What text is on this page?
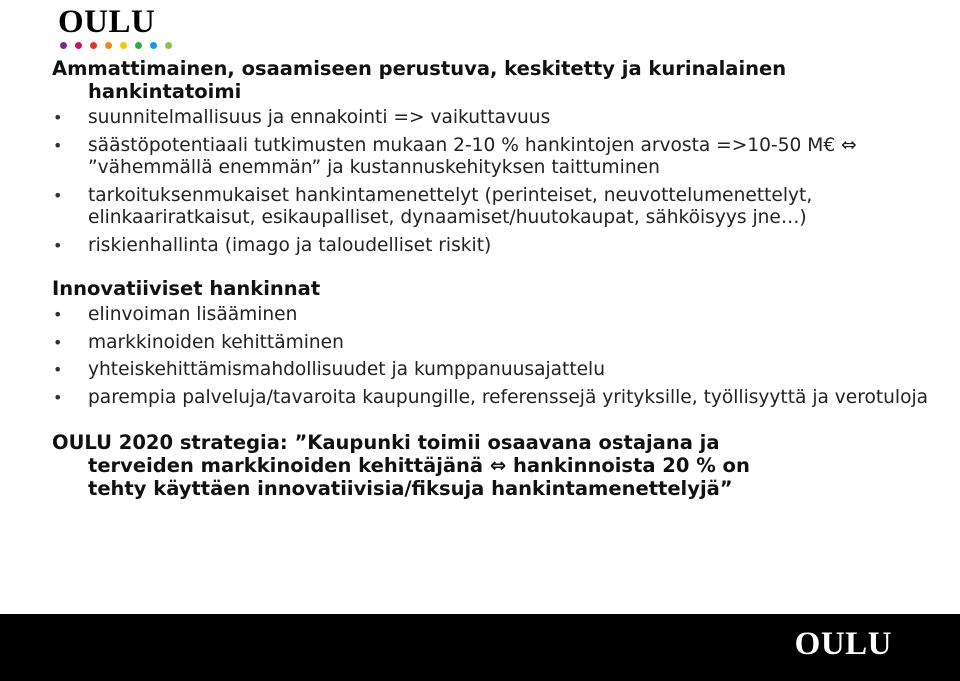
OULU
Ammattimainen, osaamiseen perustuva, keskitetty ja kurinalainen
hankintatoimi
• suunnitelmallisuus ja ennakointi => vaikuttavuus
• säästöpotentiaali tutkimusten mukaan 2-10 % hankintojen arvosta =>10-50 M€ ⇔ ”vähemmällä enemmän” ja kustannuskehityksen taittuminen
• tarkoituksenmukaiset hankintamenettelyt (perinteiset, neuvottelumenettelyt, elinkaariratkaisut, esikaupalliset, dynaamiset/huutokaupat, sähköisyys jne…)
• riskienhallinta (imago ja taloudelliset riskit)
Innovatiiviset hankinnat
• elinvoiman lisääminen
• markkinoiden kehittäminen
• yhteiskehittämismahdollisuudet ja kumppanuusajattelu
• parempia palveluja/tavaroita kaupungille, referenssejä yrityksille, työllisyyttä ja verotuloja
OULU 2020 strategia: ”Kaupunki toimii osaavana ostajana ja
terveiden markkinoiden kehittäjänä ⇔ hankinnoista 20 % on
tehty käyttäen innovatiivisia/fiksuja hankintamenettelyjä”
OULU
